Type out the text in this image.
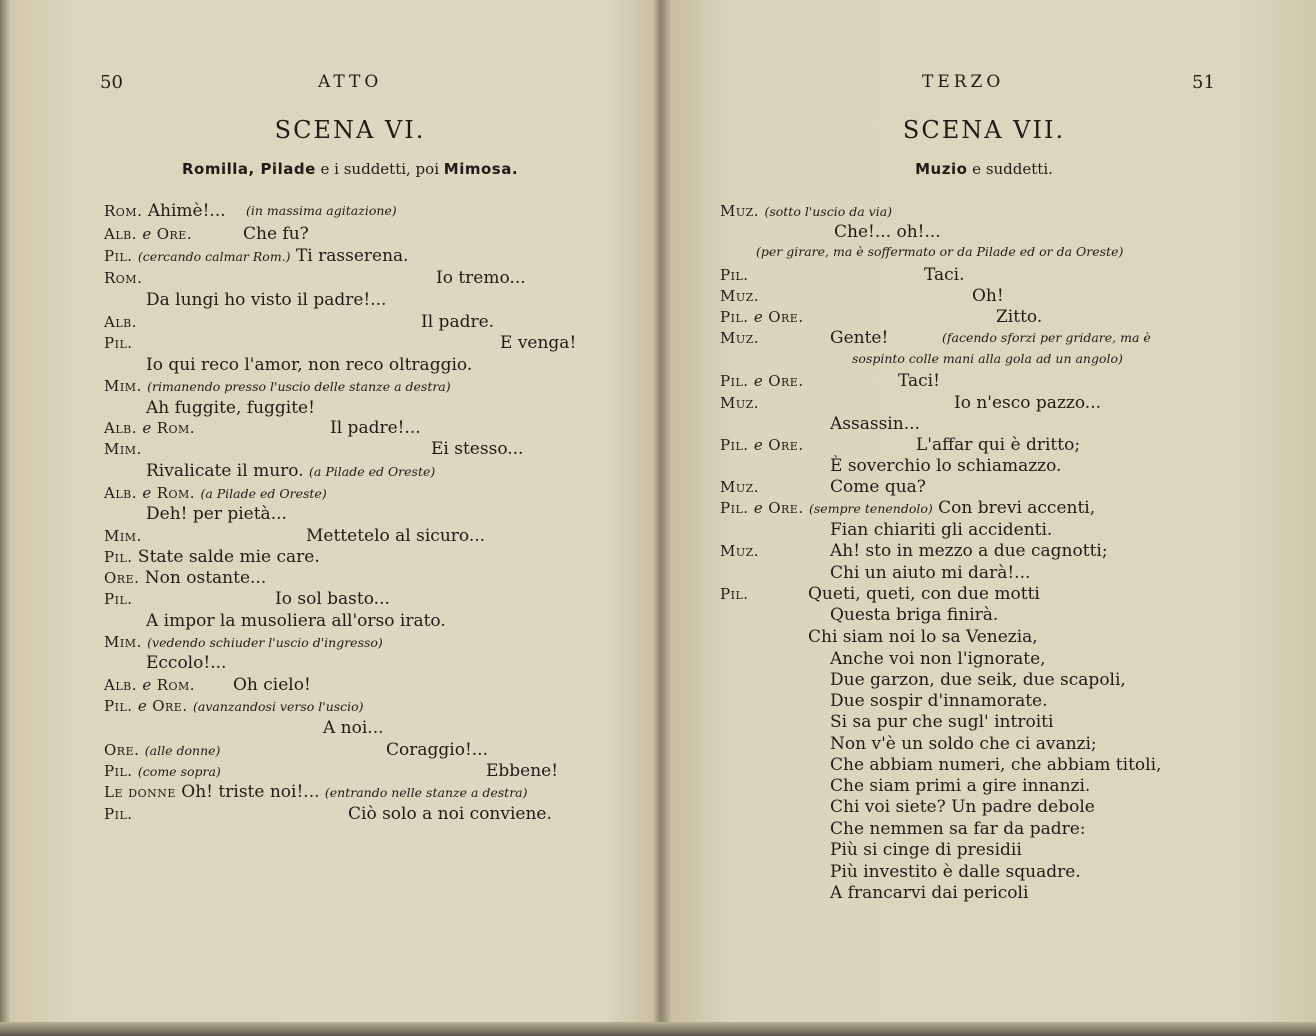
50	ATTO
SCENA VI.
Romilla, Pilade e i suddetti, poi Mimosa.
Rom. Ahimè!... (in massima agitazione)
Alb. e Ore.	Che fu?
Pil. (cercando calmar Rom.) Ti rasserena.
Rom.	Io tremo...
Da lungi ho visto il padre!...
Alb.	Il padre.
Pil.	E venga!
Io qui reco l'amor, non reco oltraggio.
Mim. (rimanendo presso l'uscio delle stanze a destra)
Ah fuggite, fuggite!
Alb. e Rom.	Il padre!...
Mim.	Ei stesso...
Rivalicate il muro. (a Pilade ed Oreste)
Alb. e Rom. (a Pilade ed Oreste)
Deh! per pietà...
Mim.	Mettetelo al sicuro...
Pil. State salde mie care.
Ore. Non ostante...
Pil.	Io sol basto...
A impor la musoliera all'orso irato.
Mim. (vedendo schiuder l'uscio d'ingresso)
Eccolo!...
Alb. e Rom. Oh cielo!
Pil. e Ore. (avanzandosi verso l'uscio)
A noi...
Ore. (alle donne)	Coraggio!...
Pil. (come sopra)	Ebbene!
Le donne Oh! triste noi!... (entrando nelle stanze a destra)
Pil.	Ciò solo a noi conviene.
TERZO	51
SCENA VII.
Muzio e suddetti.
Muz. (sotto l'uscio da via)
Che!... oh!...
(per girare, ma è soffermato or da Pilade ed or da Oreste)
Pil.	Taci.
Muz.	Oh!
Pil. e Ore.	Zitto.
Muz.	Gente!	(facendo sforzi per gridare, ma è
sospinto colle mani alla gola ad un angolo)
Pil. e Ore.	Taci!
Muz.	Io n'esco pazzo...
Assassin...
Pil. e Ore.	L'affar qui è dritto;
È soverchio lo schiamazzo.
Muz.	Come qua?
Pil. e Ore. (sempre tenendolo) Con brevi accenti,
Fian chiariti gli accidenti.
Muz.	Ah! sto in mezzo a due cagnotti;
Chi un aiuto mi darà!...
Pil.	Queti, queti, con due motti
Questa briga finirà.
Chi siam noi lo sa Venezia,
Anche voi non l'ignorate,
Due garzon, due seik, due scapoli,
Due sospir d'innamorate.
Si sa pur che sugl' introiti
Non v'è un soldo che ci avanzi;
Che abbiam numeri, che abbiam titoli,
Che siam primi a gire innanzi.
Chi voi siete? Un padre debole
Che nemmen sa far da padre:
Più si cinge di presidii
Più investito è dalle squadre.
A francarvi dai pericoli
